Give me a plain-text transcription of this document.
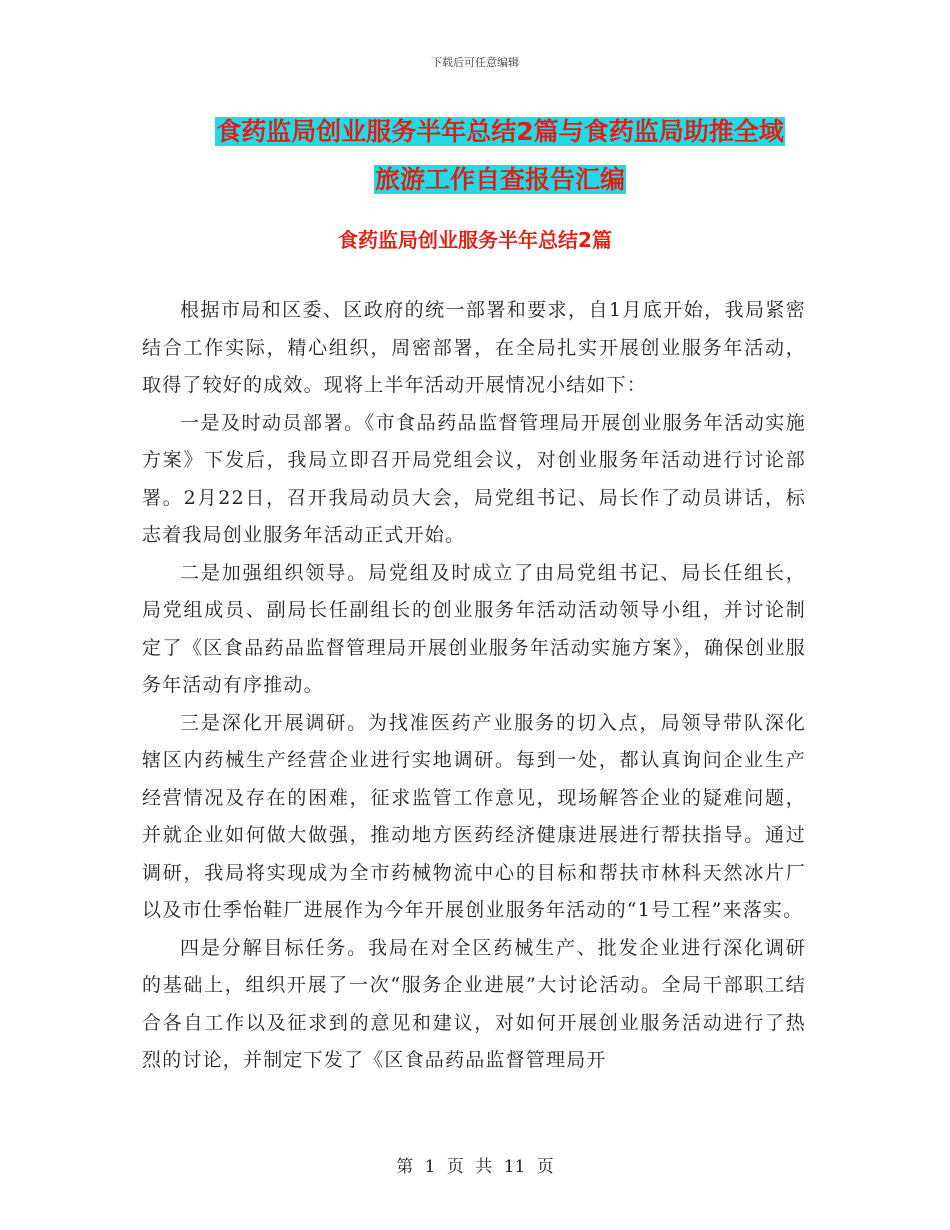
下载后可任意编辑
食药监局创业服务半年总结2篇与食药监局助推全域
旅游工作自查报告汇编
食药监局创业服务半年总结2篇

根据市局和区委、区政府的统一部署和要求，自1月底开始，我局紧密结合工作实际，精心组织，周密部署，在全局扎实开展创业服务年活动，取得了较好的成效。现将上半年活动开展情况小结如下：

一是及时动员部署。《市食品药品监督管理局开展创业服务年活动实施方案》下发后，我局立即召开局党组会议，对创业服务年活动进行讨论部署。2月22日，召开我局动员大会，局党组书记、局长作了动员讲话，标志着我局创业服务年活动正式开始。

二是加强组织领导。局党组及时成立了由局党组书记、局长任组长，局党组成员、副局长任副组长的创业服务年活动活动领导小组，并讨论制定了《区食品药品监督管理局开展创业服务年活动实施方案》，确保创业服务年活动有序推动。

三是深化开展调研。为找准医药产业服务的切入点，局领导带队深化辖区内药械生产经营企业进行实地调研。每到一处，都认真询问企业生产经营情况及存在的困难，征求监管工作意见，现场解答企业的疑难问题，并就企业如何做大做强，推动地方医药经济健康进展进行帮扶指导。通过调研，我局将实现成为全市药械物流中心的目标和帮扶市林科天然冰片厂以及市仕季怡鞋厂进展作为今年开展创业服务年活动的“1号工程”来落实。

四是分解目标任务。我局在对全区药械生产、批发企业进行深化调研的基础上，组织开展了一次“服务企业进展”大讨论活动。全局干部职工结合各自工作以及征求到的意见和建议，对如何开展创业服务活动进行了热烈的讨论，并制定下发了《区食品药品监督管理局开

第 1 页 共 11 页
